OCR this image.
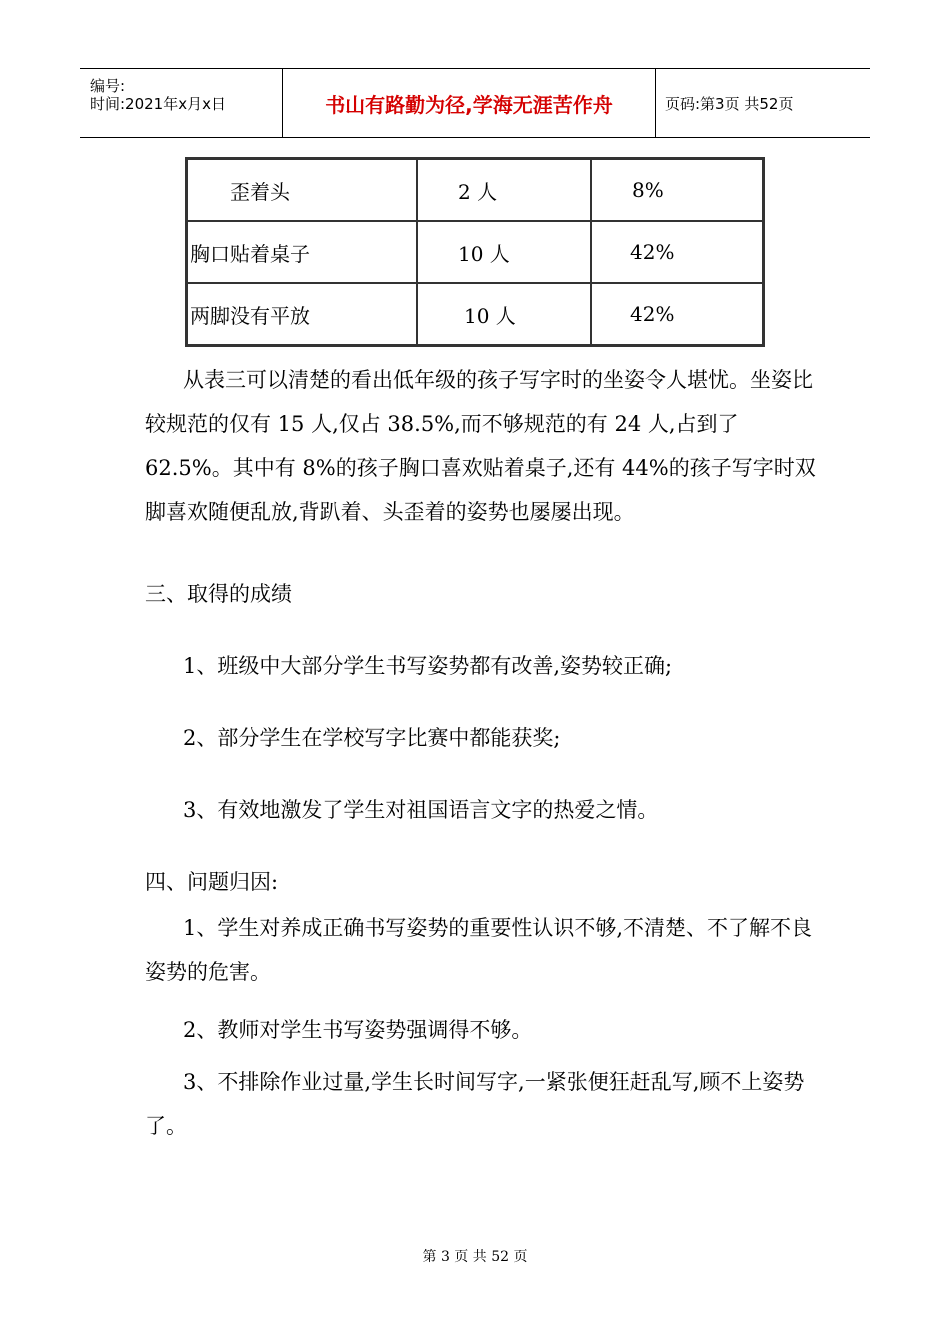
编号:
时间:2021年x月x日	书山有路勤为径,学海无涯苦作舟	页码:第3页 共52页
歪着头	2 人	8%
胸口贴着桌子	10 人	42%
两脚没有平放	10 人	42%

从表三可以清楚的看出低年级的孩子写字时的坐姿令人堪忧。坐姿比较规范的仅有 15 人,仅占 38.5%,而不够规范的有 24 人,占到了 62.5%。其中有 8%的孩子胸口喜欢贴着桌子,还有 44%的孩子写字时双脚喜欢随便乱放,背趴着、头歪着的姿势也屡屡出现。

三、取得的成绩

1、班级中大部分学生书写姿势都有改善,姿势较正确;

2、部分学生在学校写字比赛中都能获奖;

3、有效地激发了学生对祖国语言文字的热爱之情。

四、问题归因:

1、学生对养成正确书写姿势的重要性认识不够,不清楚、不了解不良姿势的危害。

2、教师对学生书写姿势强调得不够。

3、不排除作业过量,学生长时间写字,一紧张便狂赶乱写,顾不上姿势了。

第 3 页 共 52 页
